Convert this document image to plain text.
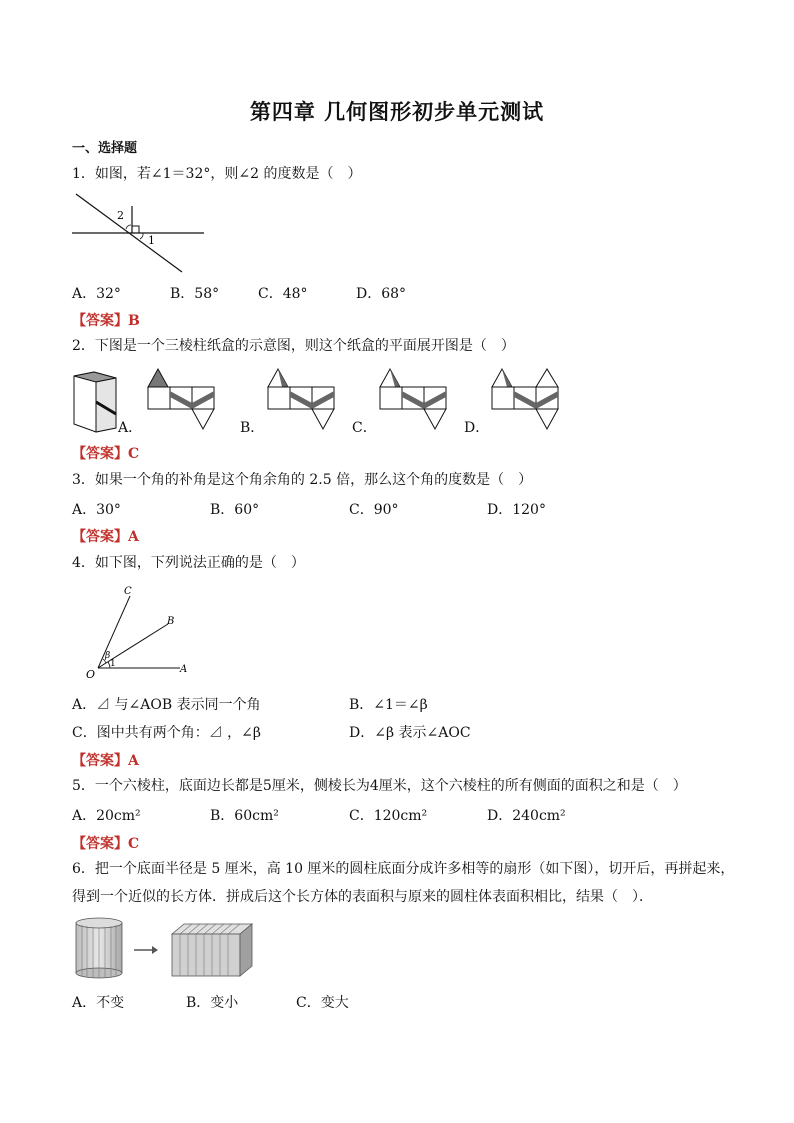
第四章 几何图形初步单元测试
一、选择题
1．如图，若∠1＝32°，则∠2 的度数是（　）
2
1
A．32°	B．58°	C．48°	D．68°
【答案】B
2．下图是一个三棱柱纸盒的示意图，则这个纸盒的平面展开图是（　）
A．	B．	C．	D．
【答案】C
3．如果一个角的补角是这个角余角的 2.5 倍，那么这个角的度数是（　）
A．30°	B．60°	C．90°	D．120°
【答案】A
4．如下图，下列说法正确的是（　）
C
B
A
O
β
1
A．⊿ 与∠AOB 表示同一个角	B．∠1＝∠β
C．图中共有两个角：⊿ ，∠β	D．∠β 表示∠AOC
【答案】A
5．一个六棱柱，底面边长都是5厘米，侧棱长为4厘米，这个六棱柱的所有侧面的面积之和是（　）
A．20cm²	B．60cm²	C．120cm²	D．240cm²
【答案】C
6．把一个底面半径是 5 厘米，高 10 厘米的圆柱底面分成许多相等的扇形（如下图），切开后，再拼起来，
得到一个近似的长方体．拼成后这个长方体的表面积与原来的圆柱体表面积相比，结果（　）．
A．不变	B．变小	C．变大
